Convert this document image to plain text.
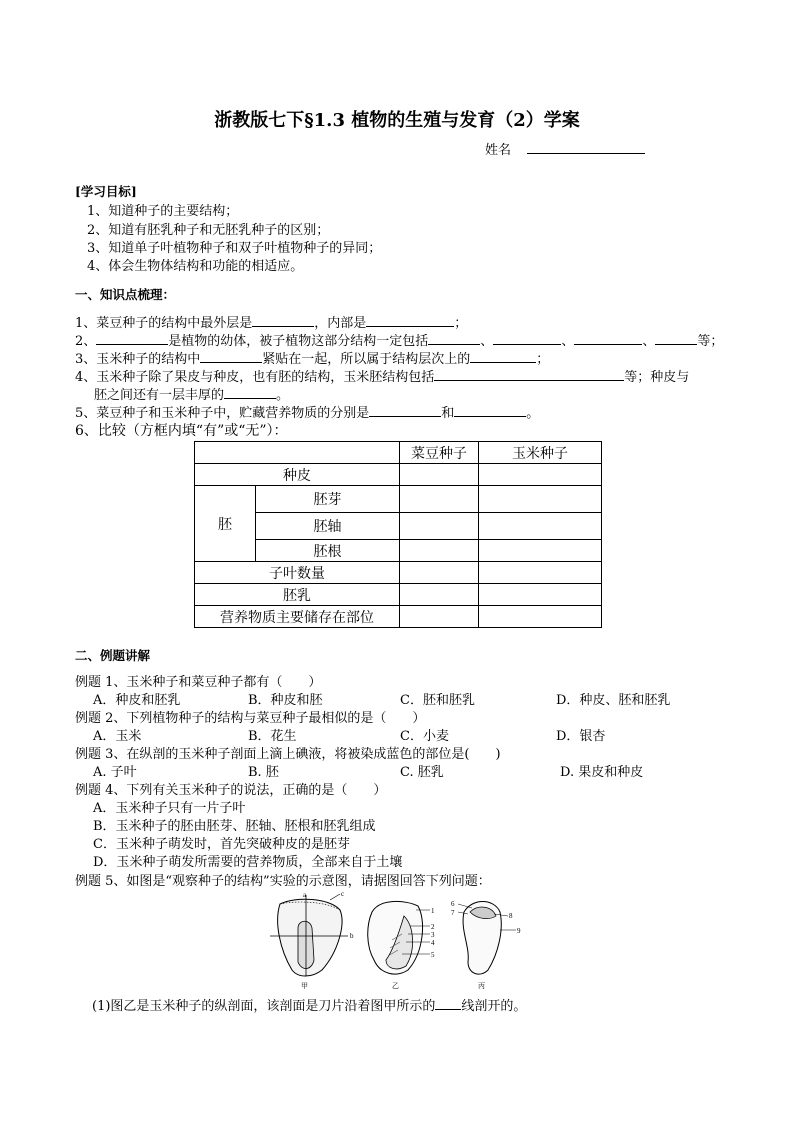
浙教版七下§1.3 植物的生殖与发育（2）学案
姓名
[学习目标]
1、知道种子的主要结构；
2、知道有胚乳种子和无胚乳种子的区别；
3、知道单子叶植物种子和双子叶植物种子的异同；
4、体会生物体结构和功能的相适应。
一、知识点梳理：
1、菜豆种子的结构中最外层是	，内部是	；
2、	是植物的幼体，被子植物这部分结构一定包括	、	、	、	等；
3、玉米种子的结构中	紧贴在一起，所以属于结构层次上的	；
4、玉米种子除了果皮与种皮，也有胚的结构，玉米胚结构包括	等；种皮与
胚之间还有一层丰厚的	。
5、菜豆种子和玉米种子中，贮藏营养物质的分别是	和	。
6、比较（方框内填“有”或“无”）：
		菜豆种子	玉米种子
种皮			
胚	胚芽		
	胚轴		
	胚根		
子叶数量			
胚乳			
营养物质主要储存在部位			
二、例题讲解
例题 1、玉米种子和菜豆种子都有（　　）
A．种皮和胚乳	B．种皮和胚	C．胚和胚乳	D．种皮、胚和胚乳
例题 2、下列植物种子的结构与菜豆种子最相似的是（　　）
A．玉米	B．花生	C．小麦	D．银杏
例题 3、在纵剖的玉米种子剖面上滴上碘液，将被染成蓝色的部位是(　　)
A. 子叶	B. 胚	C. 胚乳	D. 果皮和种皮
例题 4、下列有关玉米种子的说法，正确的是（　　）
A．玉米种子只有一片子叶
B．玉米种子的胚由胚芽、胚轴、胚根和胚乳组成
C．玉米种子萌发时，首先突破种皮的是胚芽
D．玉米种子萌发所需要的营养物质，全部来自于土壤
例题 5、如图是“观察种子的结构”实验的示意图，请据图回答下列问题：
a
b
c
甲
1
2
3
4
5
乙
6
7	8
9
丙
(1)图乙是玉米种子的纵剖面，该剖面是刀片沿着图甲所示的 线剖开的。
